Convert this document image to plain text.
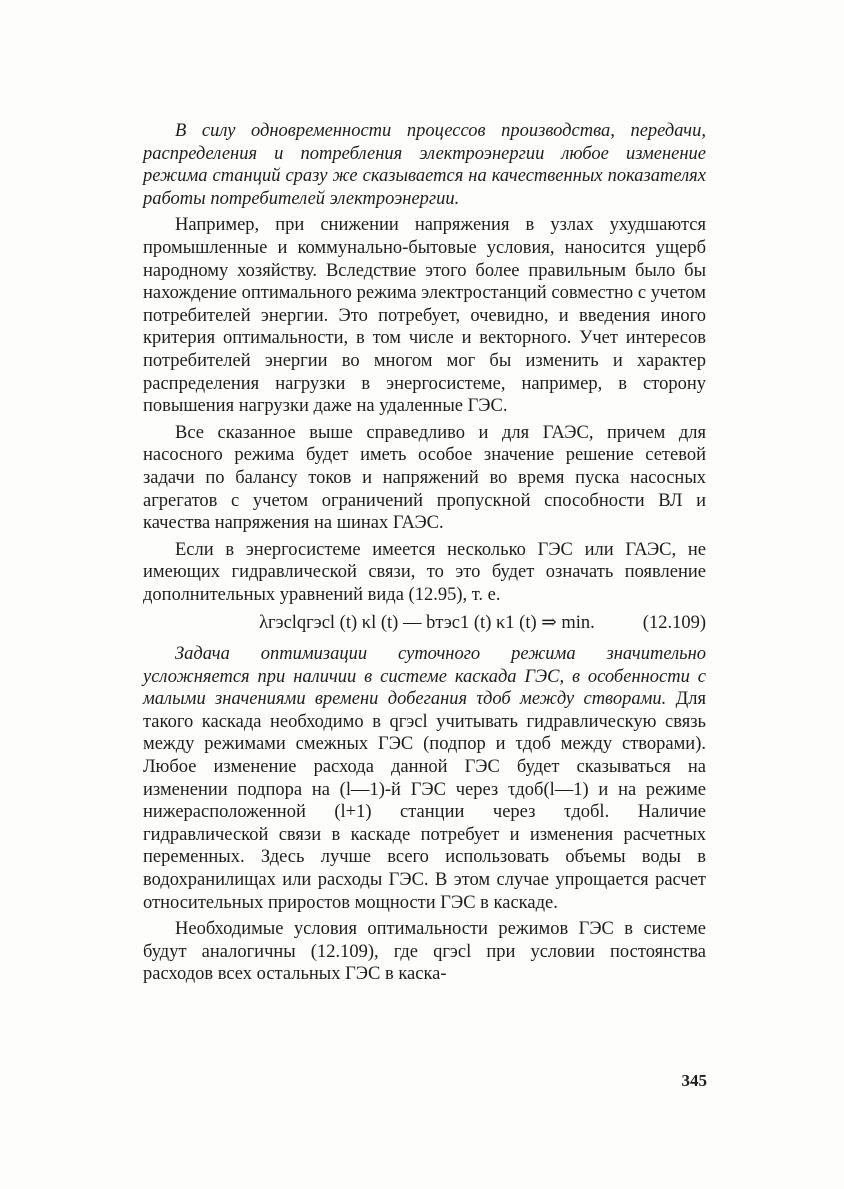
В силу одновременности процессов производства, передачи, распределения и потребления электроэнергии любое изменение режима станций сразу же сказывается на качественных показателях работы потребителей электроэнергии.

Например, при снижении напряжения в узлах ухудшаются промышленные и коммунально-бытовые условия, наносится ущерб народному хозяйству. Вследствие этого более правильным было бы нахождение оптимального режима электростанций совместно с учетом потребителей энергии. Это потребует, очевидно, и введения иного критерия оптимальности, в том числе и векторного. Учет интересов потребителей энергии во многом мог бы изменить и характер распределения нагрузки в энергосистеме, например, в сторону повышения нагрузки даже на удаленные ГЭС.

Все сказанное выше справедливо и для ГАЭС, причем для насосного режима будет иметь особое значение решение сетевой задачи по балансу токов и напряжений во время пуска насосных агрегатов с учетом ограничений пропускной способности ВЛ и качества напряжения на шинах ГАЭС.

Если в энергосистеме имеется несколько ГЭС или ГАЭС, не имеющих гидравлической связи, то это будет означать появление дополнительных уравнений вида (12.95), т. е.

λгэсlqгэсl (t) κl (t) — bтэс1 (t) κ1 (t) ⇒ min.	(12.109)

Задача оптимизации суточного режима значительно усложняется при наличии в системе каскада ГЭС, в особенности с малыми значениями времени добегания τдоб между створами. Для такого каскада необходимо в qгэсl учитывать гидравлическую связь между режимами смежных ГЭС (подпор и τдоб между створами). Любое изменение расхода данной ГЭС будет сказываться на изменении подпора на (l—1)-й ГЭС через τдоб(l—1) и на режиме нижерасположенной (l+1) станции через τдобl. Наличие гидравлической связи в каскаде потребует и изменения расчетных переменных. Здесь лучше всего использовать объемы воды в водохранилищах или расходы ГЭС. В этом случае упрощается расчет относительных приростов мощности ГЭС в каскаде.

Необходимые условия оптимальности режимов ГЭС в системе будут аналогичны (12.109), где qгэсl при условии постоянства расходов всех остальных ГЭС в каска-

345
